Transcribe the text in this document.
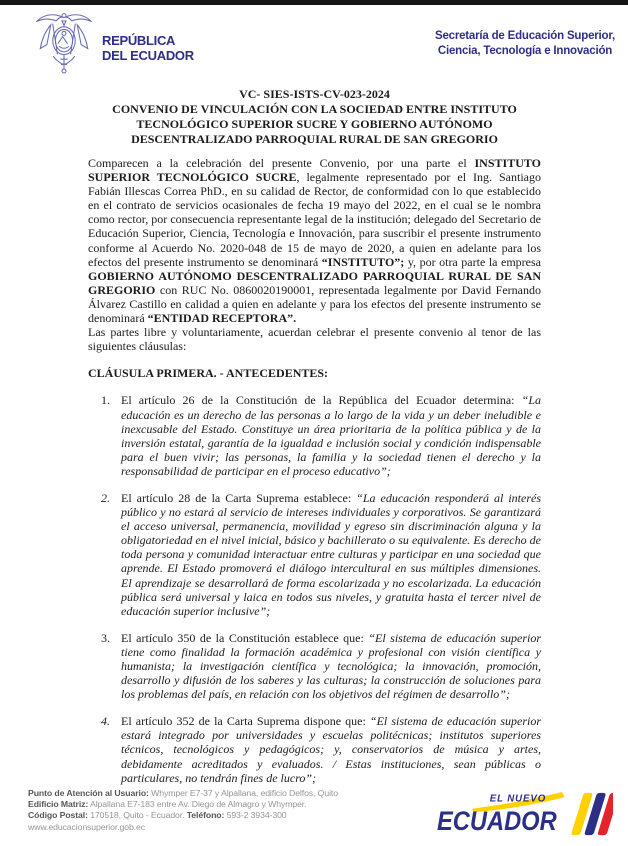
REPÚBLICA
DEL ECUADOR
Secretaría de Educación Superior,
Ciencia, Tecnología e Innovación
VC- SIES-ISTS-CV-023-2024
CONVENIO DE VINCULACIÓN CON LA SOCIEDAD ENTRE INSTITUTO TECNOLÓGICO SUPERIOR SUCRE Y GOBIERNO AUTÓNOMO DESCENTRALIZADO PARROQUIAL RURAL DE SAN GREGORIO

Comparecen a la celebración del presente Convenio, por una parte el INSTITUTO SUPERIOR TECNOLÓGICO SUCRE, legalmente representado por el Ing. Santiago Fabián Illescas Correa PhD., en su calidad de Rector, de conformidad con lo que establecido en el contrato de servicios ocasionales de fecha 19 mayo del 2022, en el cual se le nombra como rector, por consecuencia representante legal de la institución; delegado del Secretario de Educación Superior, Ciencia, Tecnología e Innovación, para suscribir el presente instrumento conforme al Acuerdo No. 2020-048 de 15 de mayo de 2020, a quien en adelante para los efectos del presente instrumento se denominará “INSTITUTO”; y, por otra parte la empresa GOBIERNO AUTÓNOMO DESCENTRALIZADO PARROQUIAL RURAL DE SAN GREGORIO con RUC No. 0860020190001, representada legalmente por David Fernando Álvarez Castillo en calidad a quien en adelante y para los efectos del presente instrumento se denominará “ENTIDAD RECEPTORA”.

Las partes libre y voluntariamente, acuerdan celebrar el presente convenio al tenor de las siguientes cláusulas:

CLÁUSULA PRIMERA. - ANTECEDENTES:
1. El artículo 26 de la Constitución de la República del Ecuador determina: “La educación es un derecho de las personas a lo largo de la vida y un deber ineludible e inexcusable del Estado. Constituye un área prioritaria de la política pública y de la inversión estatal, garantía de la igualdad e inclusión social y condición indispensable para el buen vivir; las personas, la familia y la sociedad tienen el derecho y la responsabilidad de participar en el proceso educativo”;
2. El artículo 28 de la Carta Suprema establece: “La educación responderá al interés público y no estará al servicio de intereses individuales y corporativos. Se garantizará el acceso universal, permanencia, movilidad y egreso sin discriminación alguna y la obligatoriedad en el nivel inicial, básico y bachillerato o su equivalente. Es derecho de toda persona y comunidad interactuar entre culturas y participar en una sociedad que aprende. El Estado promoverá el diálogo intercultural en sus múltiples dimensiones. El aprendizaje se desarrollará de forma escolarizada y no escolarizada. La educación pública será universal y laica en todos sus niveles, y gratuita hasta el tercer nivel de educación superior inclusive”;
3. El artículo 350 de la Constitución establece que: “El sistema de educación superior tiene como finalidad la formación académica y profesional con visión científica y humanista; la investigación científica y tecnológica; la innovación, promoción, desarrollo y difusión de los saberes y las culturas; la construcción de soluciones para los problemas del país, en relación con los objetivos del régimen de desarrollo”;
4. El artículo 352 de la Carta Suprema dispone que: “El sistema de educación superior estará integrado por universidades y escuelas politécnicas; institutos superiores técnicos, tecnológicos y pedagógicos; y, conservatorios de música y artes, debidamente acreditados y evaluados. / Estas instituciones, sean públicas o particulares, no tendrán fines de lucro”;
Punto de Atención al Usuario: Whymper E7-37 y Alpallana, edificio Delfos, Quito
Edificio Matriz: Alpallana E7-183 entre Av. Diego de Almagro y Whymper.
Código Postal: 170518, Quito - Ecuador. Teléfono: 593-2 3934-300
www.educacionsuperior.gob.ec
EL NUEVO
ECUADOR
